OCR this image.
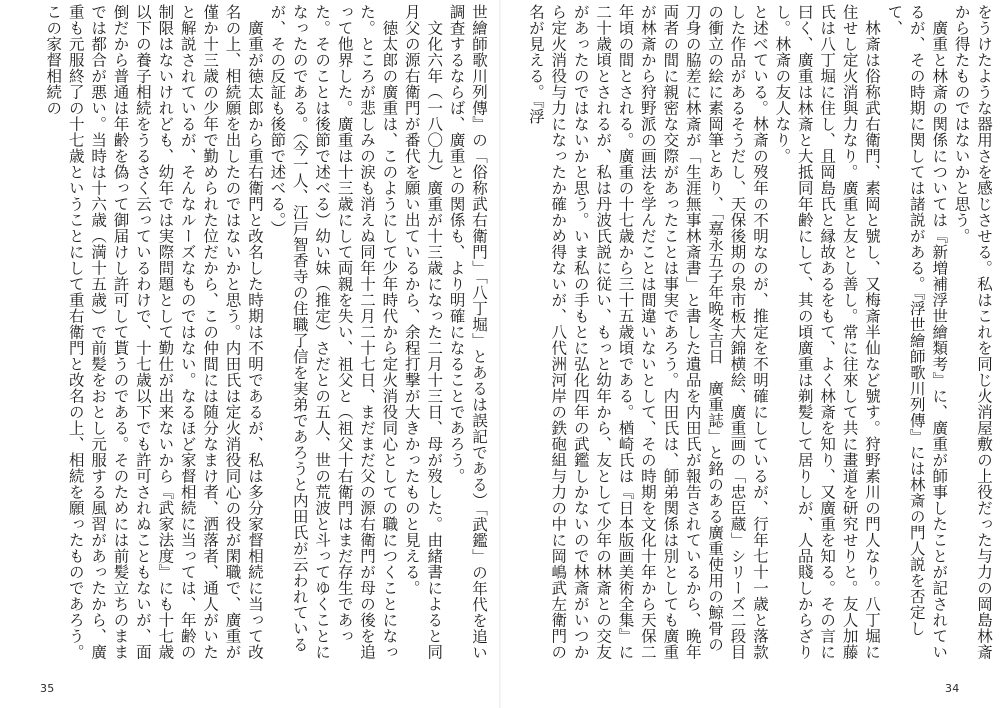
世繪師歌川列傳』の「俗称武右衛門」「八丁堀」とあるは誤記である）「武鑑」の年代を追い調査するならば、廣重との関係も、より明確になることであろう。

文化六年（一八〇九）廣重が十三歳になった二月十三日、母が歿した。由緒書によると同月父の源右衛門が番代を願い出ているから、余程打撃が大きかったものと見える。

徳太郎の廣重は、このようにして少年時代から定火消役同心としての職につくことになった。ところが悲しみの涙も消えぬ同年十二月二十七日、まだまだ父の源右衛門が母の後を追って他界した。廣重は十三歳にして両親を失い、祖父と（祖父十右衛門はまだ存生であった。そのことは後節で述べる）幼い妹（推定）さだとの五人、世の荒波と斗ってゆくことになったのである。（今一人、江戸智香寺の住職了信を実弟であろうと内田氏が云われているが、その反証も後節で述べる。）

廣重が徳太郎から重右衛門と改名した時期は不明であるが、私は多分家督相続に当って改名の上、相続願を出したのではないかと思う。内田氏は定火消役同心の役が閑職で、廣重が僅か十三歳の少年で勤められた位だから、この仲間には随分なまけ者、洒落者、通人がいたと解説されているが、そんなルーズなものではない。なるほど家督相続に当っては、年齢の制限はないけれども、幼年では実際問題として勤仕が出来ないから『武家法度』にも十七歳以下の養子相続をうるさく云っているわけで、十七歳以下でも許可されぬこともないが、面倒だから普通は年齢を偽って御届けし許可して貰うのである。そのためには前髪立ちのままでは都合が悪い。当時は十六歳（満十五歳）で前髪をおとし元服する風習があったから、廣重も元服終了の十七歳ということにして重右衛門と改名の上、相続を願ったものであろう。この家督相続の

35

をうけたような器用さを感じさせる。私はこれを同じ火消屋敷の上役だった与力の岡島林斎から得たものではないかと思う。

廣重と林斎の関係については『新増補浮世繪類考』に、廣重が師事したことが記されているが、その時期に関しては諸説がある。『浮世繪師歌川列傳』には林斎の門人説を否定して、

林斎は俗称武右衛門、素岡と號し、又梅斎半仙など號す。狩野素川の門人なり。八丁堀に住せし定火消與力なり。廣重と友とし善し。常に往來して共に畫道を研究せりと。友人加藤氏は八丁堀に住し、且岡島氏と縁故あるをもて、よく林斎を知り、又廣重を知る。その言に曰く、廣重は林斎と大抵同年齢にして、其の頃廣重は剃髪して居りしが、人品賤しからざりし。林斎の友人なり。

と述べている。林斎の歿年の不明なのが、推定を不明確にしているが、行年七十一歳と落款した作品があるそうだし、天保後期の泉市板大錦横絵、廣重画の「忠臣蔵」シリーズ二段目の衝立の絵に素岡筆とあり、「嘉永五子年晩冬吉日　廣重誌」と銘のある廣重使用の鯨骨の刀身の脇差に林斎が「生涯無事林斎書」と書した遺品を内田氏が報告されているから、晩年両者の間に親密な交際があったことは事実であろう。内田氏は、師弟関係は別としても廣重が林斎から狩野派の画法を学んだことは間違いないとして、その時期を文化十年から天保二年頃の間とされる。廣重の十七歳から三十五歳頃である。楢崎氏は『日本版画美術全集』に二十歳頃とされるが、私は丹波氏説に従い、もっと幼年から、友として少年の林斎との交友があったのではないかと思う。いま私の手もとに弘化四年の武鑑しかないので林斎がいつから定火消役与力になったか確かめ得ないが、八代洲河岸の鉄砲組与力の中に岡嶋武左衛門の名が見える。『浮

34
